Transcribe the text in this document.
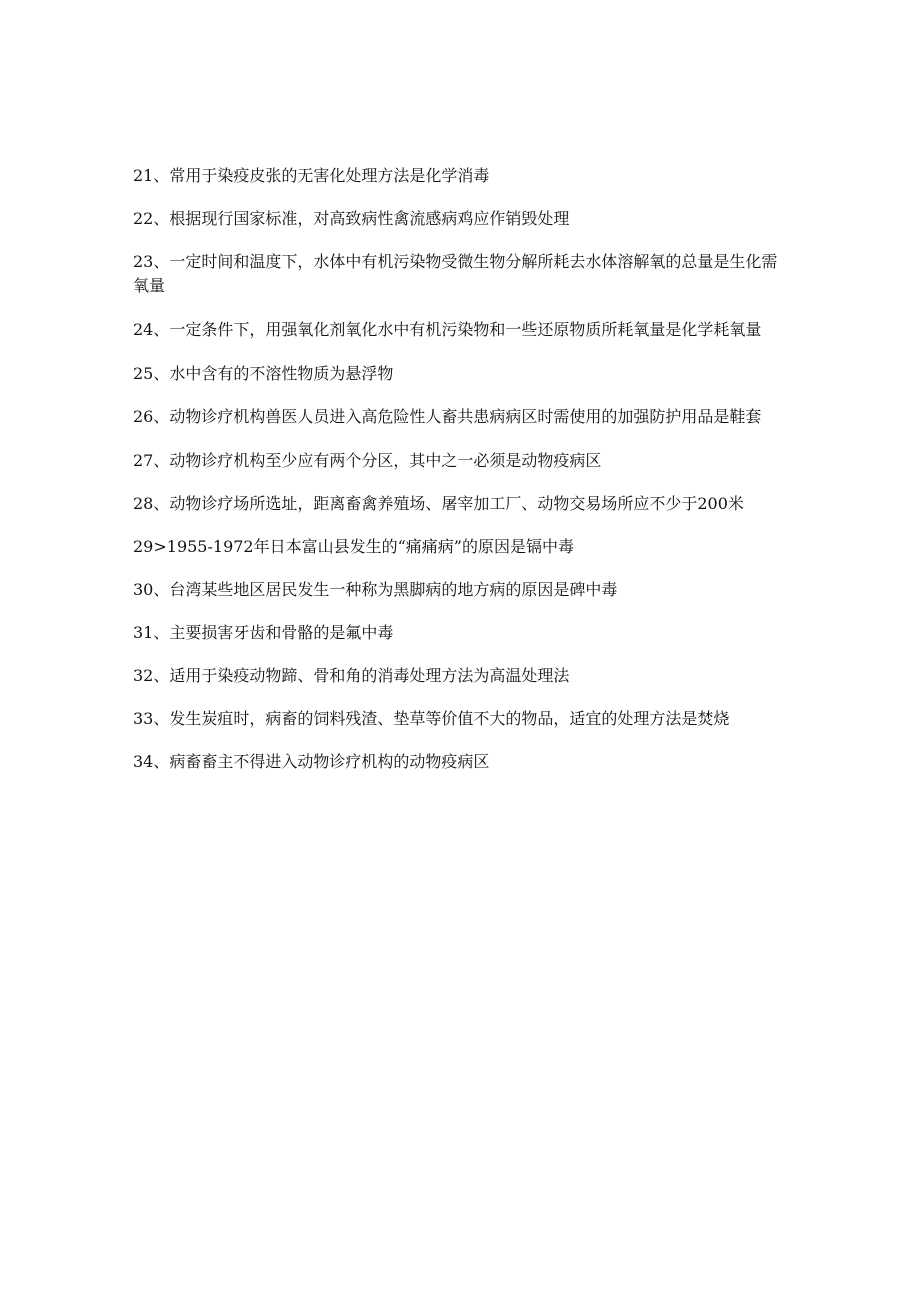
21、常用于染疫皮张的无害化处理方法是化学消毒
22、根据现行国家标准，对高致病性禽流感病鸡应作销毁处理
23、一定时间和温度下，水体中有机污染物受微生物分解所耗去水体溶解氧的总量是生化需氧量
24、一定条件下，用强氧化剂氧化水中有机污染物和一些还原物质所耗氧量是化学耗氧量
25、水中含有的不溶性物质为悬浮物
26、动物诊疗机构兽医人员进入高危险性人畜共患病病区时需使用的加强防护用品是鞋套
27、动物诊疗机构至少应有两个分区，其中之一必须是动物疫病区
28、动物诊疗场所选址，距离畜禽养殖场、屠宰加工厂、动物交易场所应不少于200米
29>1955-1972年日本富山县发生的“痛痛病”的原因是镉中毒
30、台湾某些地区居民发生一种称为黑脚病的地方病的原因是碑中毒
31、主要损害牙齿和骨骼的是氟中毒
32、适用于染疫动物蹄、骨和角的消毒处理方法为高温处理法
33、发生炭疽时，病畜的饲料残渣、垫草等价值不大的物品，适宜的处理方法是焚烧
34、病畜畜主不得进入动物诊疗机构的动物疫病区
